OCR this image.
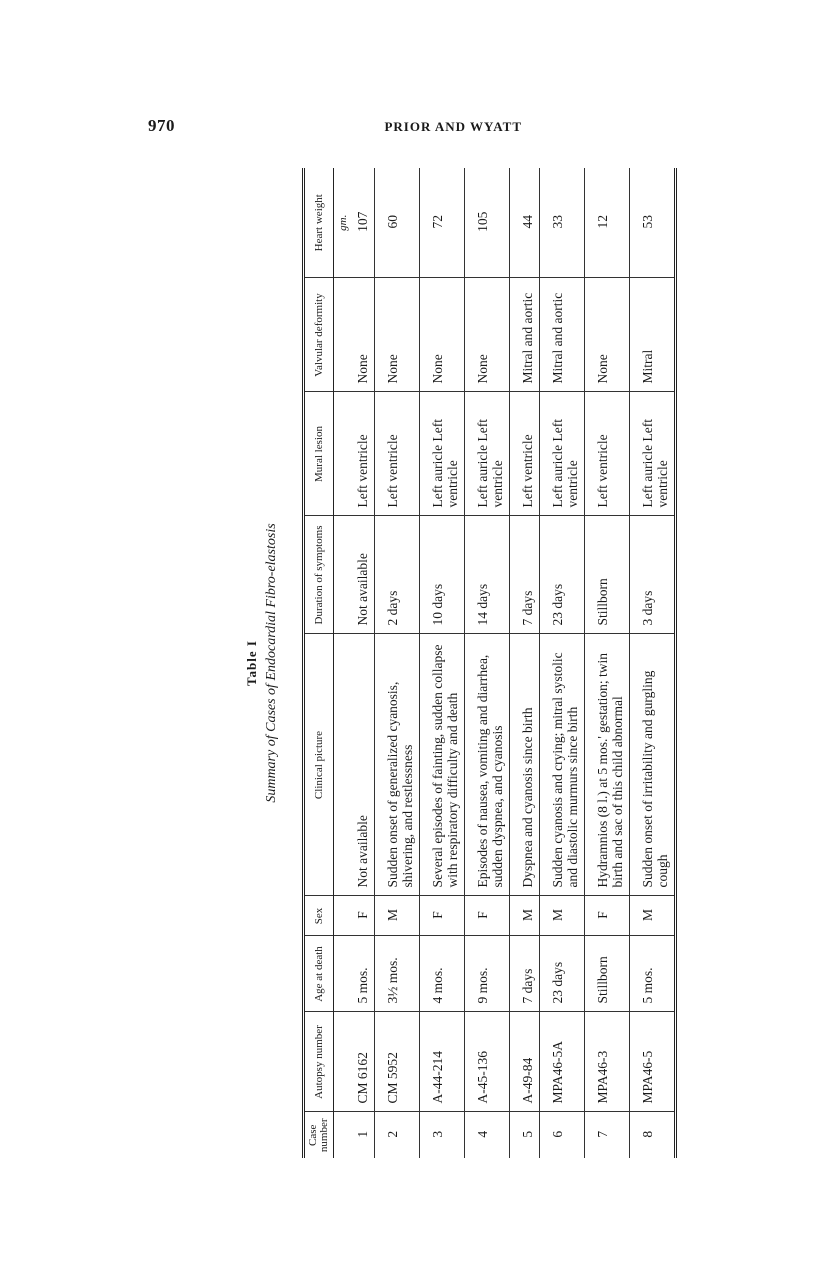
970	PRIOR AND WYATT
Table I Summary of Cases of Endocardial Fibro-elastosis
Case number	Autopsy number	Age at death	Sex	Clinical picture	Duration of symptoms	Mural lesion	Valvular deformity	Heart weight
								gm.
1	CM 6162	5 mos.	F	Not available	Not available	Left ventricle	None	107
2	CM 5952	3½ mos.	M	Sudden onset of generalized cyanosis, shivering, and restlessness	2 days	Left ventricle	None	60
3	A-44-214	4 mos.	F	Several episodes of fainting, sudden collapse with respiratory difficulty and death	10 days	Left auricle Left ventricle	None	72
4	A-45-136	9 mos.	F	Episodes of nausea, vomiting and diarrhea, sudden dyspnea, and cyanosis	14 days	Left auricle Left ventricle	None	105
5	A-49-84	7 days	M	Dyspnea and cyanosis since birth	7 days	Left ventricle	Mitral and aortic	44
6	MPA46-5A	23 days	M	Sudden cyanosis and crying; mitral systolic and diastolic murmurs since birth	23 days	Left auricle Left ventricle	Mitral and aortic	33
7	MPA46-3	Stillborn	F	Hydramnios (8 l.) at 5 mos.' gestation; twin birth and sac of this child abnormal	Stillborn	Left ventricle	None	12
8	MPA46-5	5 mos.	M	Sudden onset of irritability and gurgling cough	3 days	Left auricle Left ventricle	Mitral	53
